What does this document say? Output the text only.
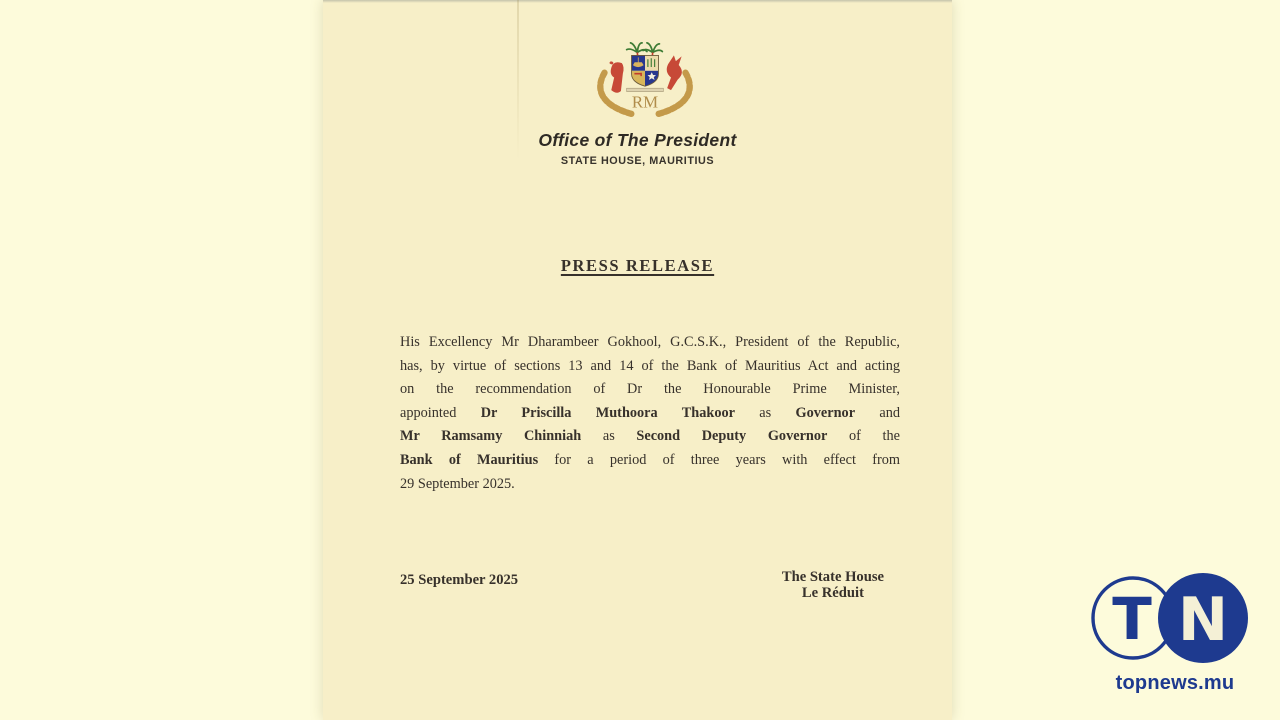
RM
Office of The President
STATE HOUSE, MAURITIUS
PRESS RELEASE
His Excellency Mr Dharambeer Gokhool, G.C.S.K., President of the Republic,
has, by virtue of sections 13 and 14 of the Bank of Mauritius Act and acting
on the recommendation of Dr the Honourable Prime Minister,
appointed Dr Priscilla Muthoora Thakoor as Governor and
Mr Ramsamy Chinniah as Second Deputy Governor of the
Bank of Mauritius for a period of three years with effect from
29 September 2025.
25 September 2025	The State House
Le Réduit	T N
topnews.mu
